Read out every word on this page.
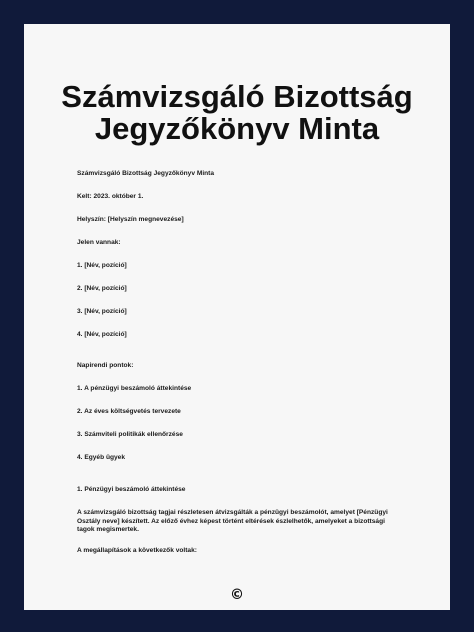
Számvizsgáló Bizottság
Jegyzőkönyv Minta
Számvizsgáló Bizottság Jegyzőkönyv Minta
Kelt: 2023. október 1.
Helyszín: [Helyszín megnevezése]
Jelen vannak:
1. [Név, pozíció]
2. [Név, pozíció]
3. [Név, pozíció]
4. [Név, pozíció]
Napirendi pontok:
1. A pénzügyi beszámoló áttekintése
2. Az éves költségvetés tervezete
3. Számviteli politikák ellenőrzése
4. Egyéb ügyek
1. Pénzügyi beszámoló áttekintése
A számvizsgáló bizottság tagjai részletesen átvizsgálták a pénzügyi beszámolót, amelyet [Pénzügyi Osztály neve] készített. Az előző évhez képest történt eltérések észlelhetők, amelyeket a bizottsági tagok megismertek.
A megállapítások a következők voltak:
©
